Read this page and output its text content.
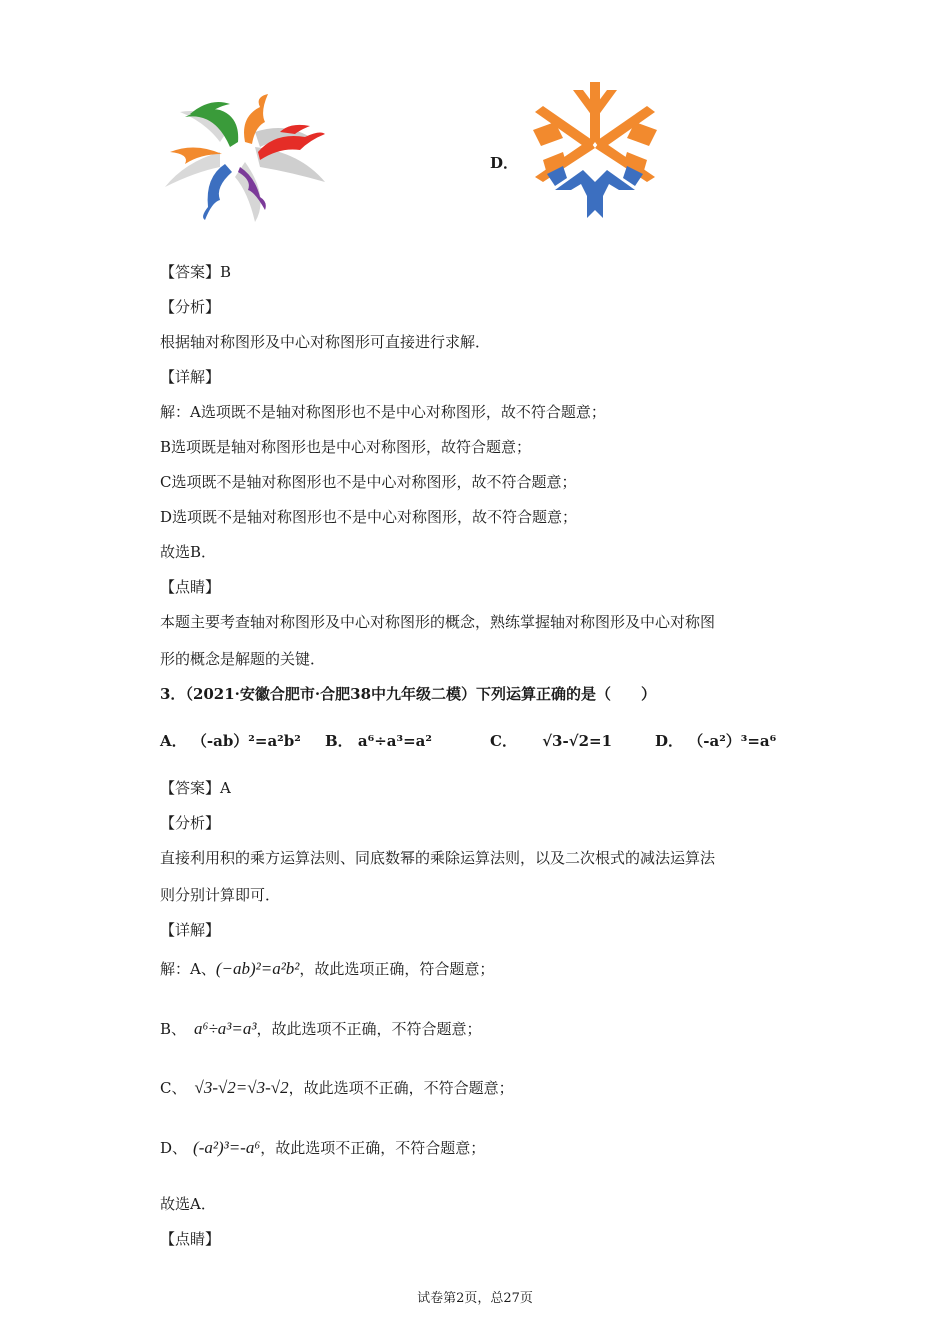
D．
【答案】B
【分析】
根据轴对称图形及中心对称图形可直接进行求解．
【详解】
解：A选项既不是轴对称图形也不是中心对称图形，故不符合题意；
B选项既是轴对称图形也是中心对称图形，故符合题意；
C选项既不是轴对称图形也不是中心对称图形，故不符合题意；
D选项既不是轴对称图形也不是中心对称图形，故不符合题意；
故选B．
【点睛】
本题主要考查轴对称图形及中心对称图形的概念，熟练掌握轴对称图形及中心对称图
形的概念是解题的关键．
3．（2021·安徽合肥市·合肥38中九年级二模）下列运算正确的是（　　）
A． （-ab）²=a²b² B． a⁶÷a³=a²	C． √3-√2=1	D． （-a²）³=a⁶
【答案】A
【分析】
直接利用积的乘方运算法则、同底数幂的乘除运算法则，以及二次根式的减法运算法
则分别计算即可．
【详解】
解：A、(−ab)²=a²b²，故此选项正确，符合题意；
B、 a⁶÷a³=a³，故此选项不正确，不符合题意；
C、 √3-√2=√3-√2，故此选项不正确，不符合题意；
D、 (-a²)³=-a⁶，故此选项不正确，不符合题意；
故选A．
【点睛】
试卷第2页，总27页
